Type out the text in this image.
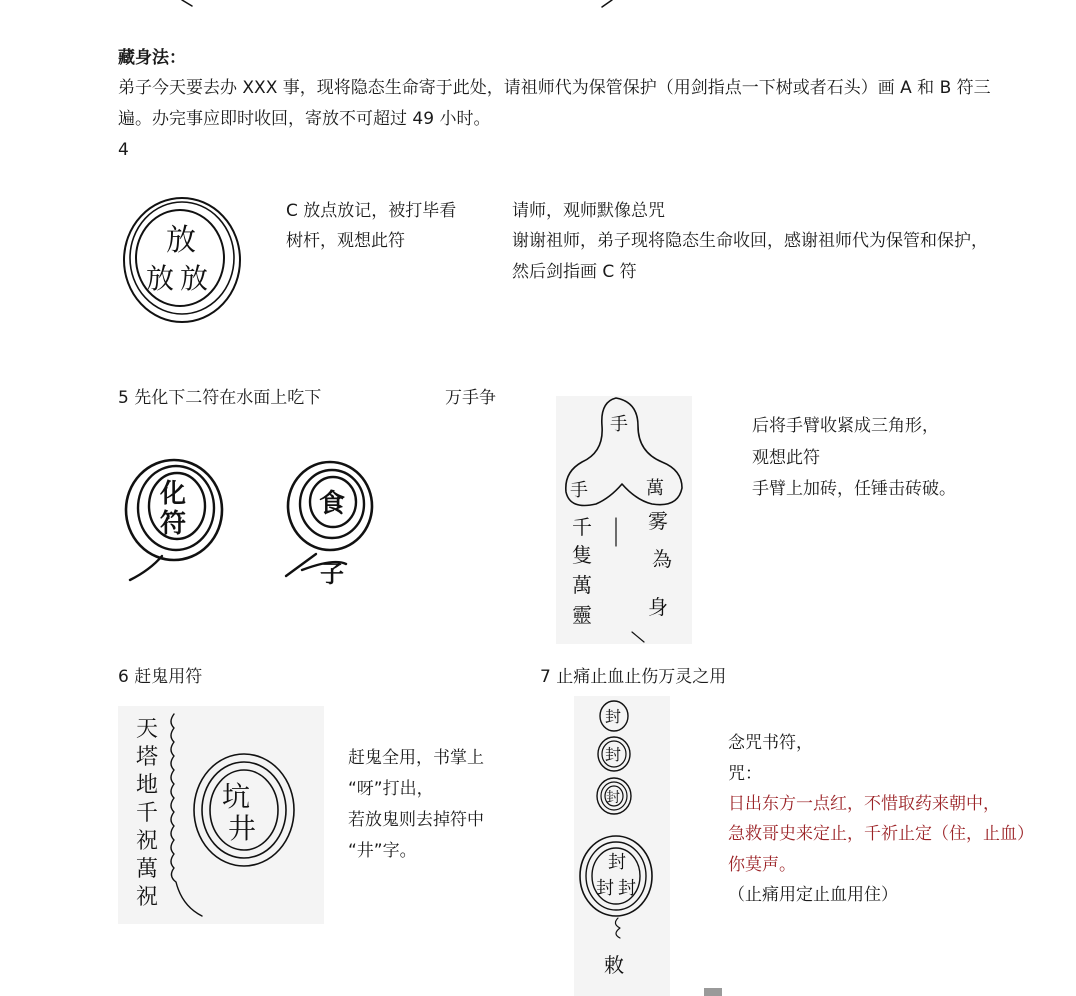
藏身法：
弟子今天要去办 XXX 事，现将隐态生命寄于此处，请祖师代为保管保护（用剑指点一下树或者石头）画 A 和 B 符三
遍。办完事应即时收回，寄放不可超过 49 小时。
4
放
放 放
C 放点放记，被打毕看
树杆，观想此符
请师，观师默像总咒
谢谢祖师，弟子现将隐态生命收回，感谢祖师代为保管和保护，
然后剑指画 C 符
5 先化下二符在水面上吃下	万手争
化
符
食
子
手
手	萬
千
隻
萬
靈
雾
為
身
后将手臂收紧成三角形，
观想此符
手臂上加砖，任锤击砖破。
6 赶鬼用符
天
塔
地
千
祝
萬
祝
坑
井
赶鬼全用，书掌上
“呀”打出，
若放鬼则去掉符中
“井”字。
7 止痛止血止伤万灵之用
封
封
封
封
封 封
敕
念咒书符，
咒：
日出东方一点红，不惜取药来朝中，
急救哥史来定止，千祈止定（住，止血）
你莫声。
（止痛用定止血用住）
